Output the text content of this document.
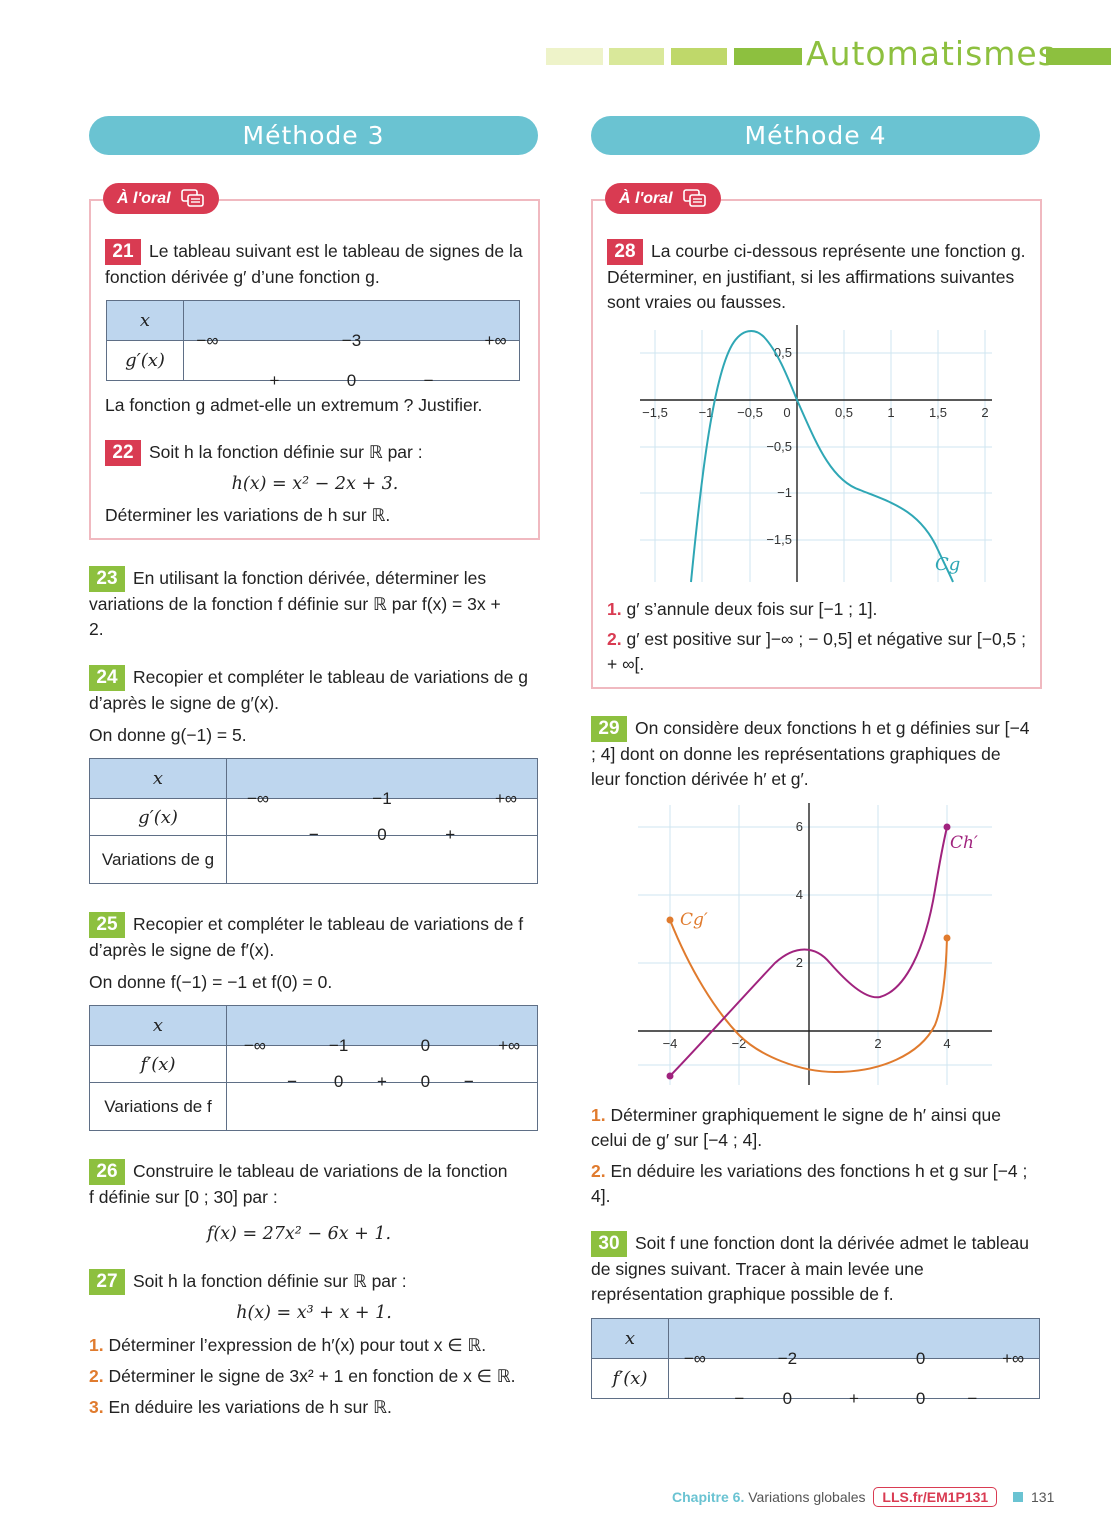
Automatismes
Méthode 3	Méthode 4
À l'oral
21 Le tableau suivant est le tableau de signes de la fonction dérivée g′ d’une fonction g.
x	−∞ −3 +∞

g′(x)	+ 0 −
La fonction g admet-elle un extremum ? Justifier.
22 Soit h la fonction définie sur ℝ par :
h(x) = x² − 2x + 3.
Déterminer les variations de h sur ℝ.
23 En utilisant la fonction dérivée, déterminer les variations de la fonction f définie sur ℝ par f(x) = 3x + 2.
24 Recopier et compléter le tableau de variations de g d’après le signe de g′(x).
On donne g(−1) = 5.
x	−∞ −1 +∞

g′(x)	− 0 +

Variations de g	
25 Recopier et compléter le tableau de variations de f d’après le signe de f′(x).
On donne f(−1) = −1 et f(0) = 0.
x	−∞ −1 0 +∞

f′(x)	− 0 + 0 −

Variations de f	
26 Construire le tableau de variations de la fonction f définie sur [0 ; 30] par :
f(x) = 27x² − 6x + 1.
27 Soit h la fonction définie sur ℝ par :
h(x) = x³ + x + 1.
1. Déterminer l’expression de h′(x) pour tout x ∈ ℝ.
2. Déterminer le signe de 3x² + 1 en fonction de x ∈ ℝ.
3. En déduire les variations de h sur ℝ.
À l'oral
28 La courbe ci-dessous représente une fonction g. Déterminer, en justifiant, si les affirmations suivantes sont vraies ou fausses.
−1,5 −1 −0,5 0	0,5	1	1,5	2
0,5
−0,5
−1
−1,5
Cg
1. g′ s’annule deux fois sur [−1 ; 1].
2. g′ est positive sur ]−∞ ; − 0,5] et négative sur [−0,5 ; + ∞[.
29 On considère deux fonctions h et g définies sur [−4 ; 4] dont on donne les représentations graphiques de leur fonction dérivée h′ et g′.
−4	−2	2	4
6
4
2
Ch′
Cg′
1. Déterminer graphiquement le signe de h′ ainsi que celui de g′ sur [−4 ; 4].
2. En déduire les variations des fonctions h et g sur [−4 ; 4].
30 Soit f une fonction dont la dérivée admet le tableau de signes suivant. Tracer à main levée une représentation graphique possible de f.
x	−∞ −2 0 +∞

f′(x)	− 0 + 0 −
Chapitre 6. Variations globales LLS.fr/EM1P131	131
